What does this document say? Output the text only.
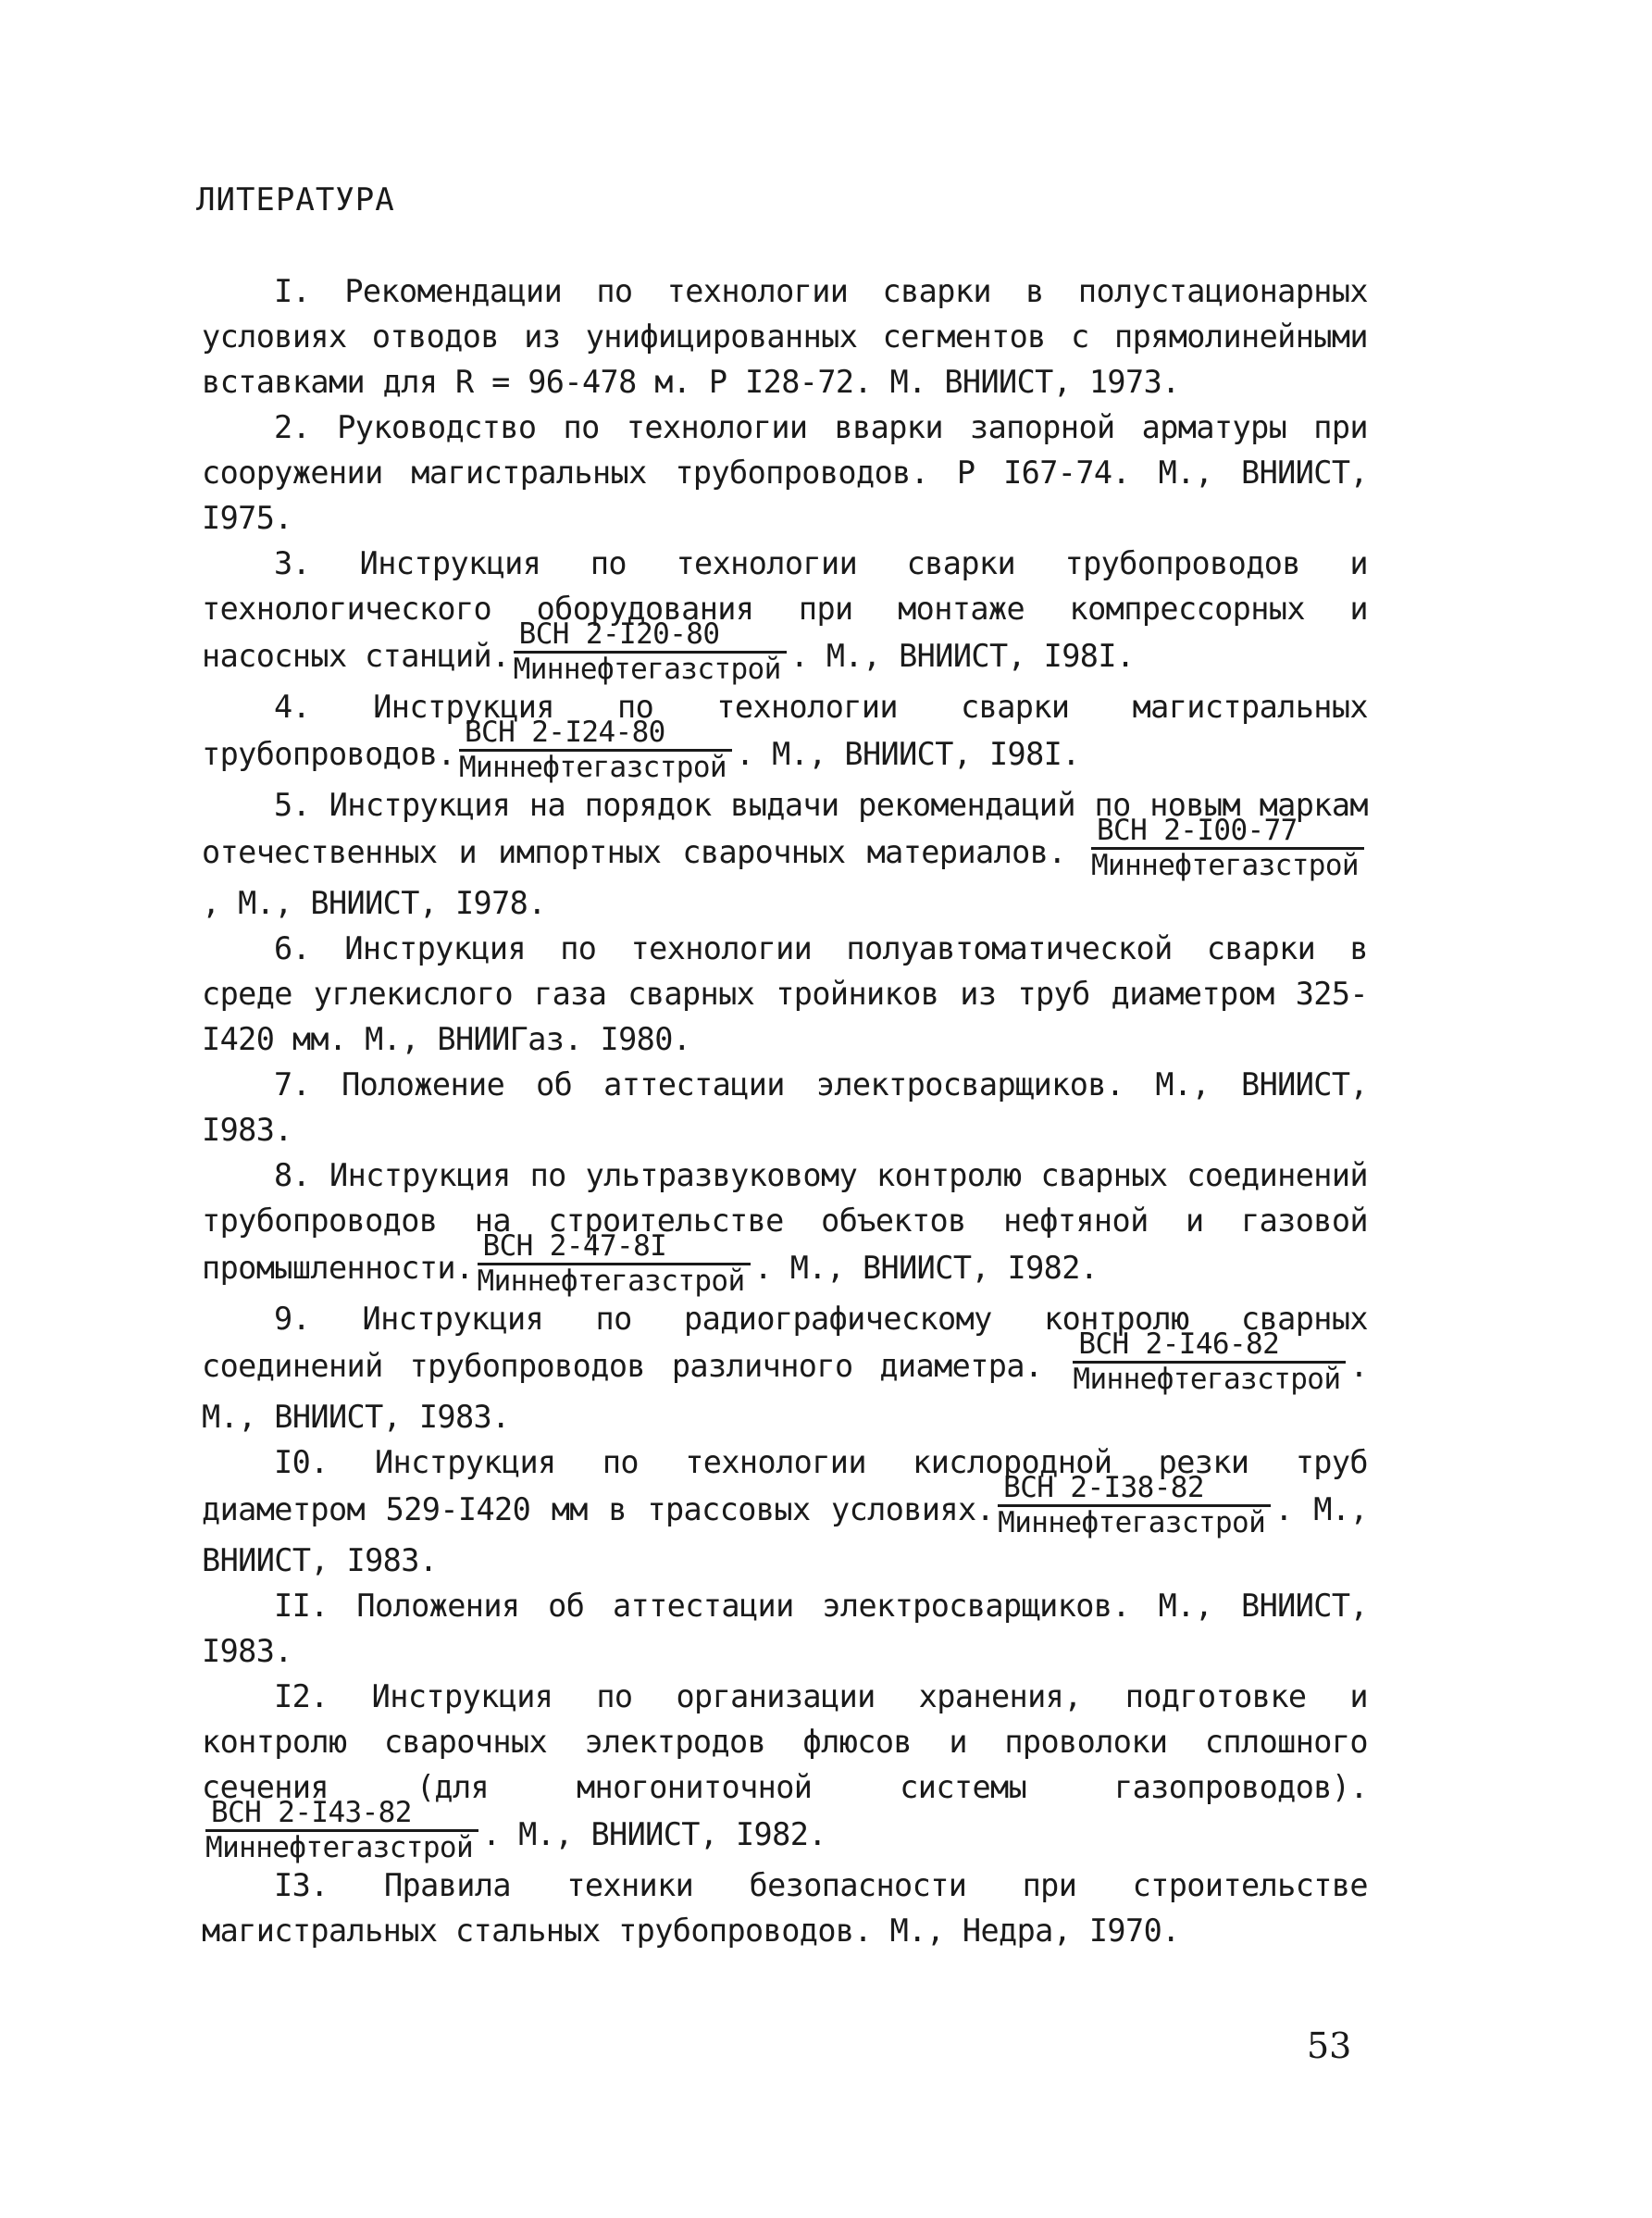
ЛИТЕРАТУРА

I. Рекомендации по технологии сварки в полустационарных условиях отводов из унифицированных сегментов с прямолинейными вставками для R = 96-478 м. Р I28-72. М. ВНИИСТ, 1973.

2. Руководство по технологии вварки запорной арматуры при сооружении магистральных трубопроводов. Р I67-74. М., ВНИИСТ, I975.

3. Инструкция по технологии сварки трубопроводов и технологического оборудования при монтаже компрессорных и насосных станций. $\frac{\text{ВСН 2-I20-80}}{\text{Миннефтегазстрой}}$ . М., ВНИИСТ, I98I.

4. Инструкция по технологии сварки магистральных трубопроводов. $\frac{\text{ВСН 2-I24-80}}{\text{Миннефтегазстрой}}$ . М., ВНИИСТ, I98I.

5. Инструкция на порядок выдачи рекомендаций по новым маркам отечественных и импортных сварочных материалов. $\frac{\text{ВСН 2-I00-77}}{\text{Миннефтегазстрой}}$
, М., ВНИИСТ, I978.

6. Инструкция по технологии полуавтоматической сварки в среде углекислого газа сварных тройников из труб диаметром 325-I420 мм. М., ВНИИГаз. I980.

7. Положение об аттестации электросварщиков. М., ВНИИСТ, I983.

8. Инструкция по ультразвуковому контролю сварных соединений трубопроводов на строительстве объектов нефтяной и газовой промышленности. $\frac{\text{ВСН 2-47-8I}}{\text{Миннефтегазстрой}}$ . М., ВНИИСТ, I982.

9. Инструкция по радиографическому контролю сварных соединений трубопроводов различного диаметра. $\frac{\text{ВСН 2-I46-82}}{\text{Миннефтегазстрой}}$ . М., ВНИИСТ, I983.

I0. Инструкция по технологии кислородной резки труб диаметром 529-I420 мм в трассовых условиях. $\frac{\text{ВСН 2-I38-82}}{\text{Миннефтегазстрой}}$ . М., ВНИИСТ, I983.

II. Положения об аттестации электросварщиков. М., ВНИИСТ, I983.

I2. Инструкция по организации хранения, подготовке и контролю сварочных электродов флюсов и проволоки сплошного сечения (для многониточной системы газопроводов).
$\frac{\text{ВСН 2-I43-82}}{\text{Миннефтегазстрой}}$ . М., ВНИИСТ, I982.

I3. Правила техники безопасности при строительстве магистральных стальных трубопроводов. М., Недра, I970.

53
